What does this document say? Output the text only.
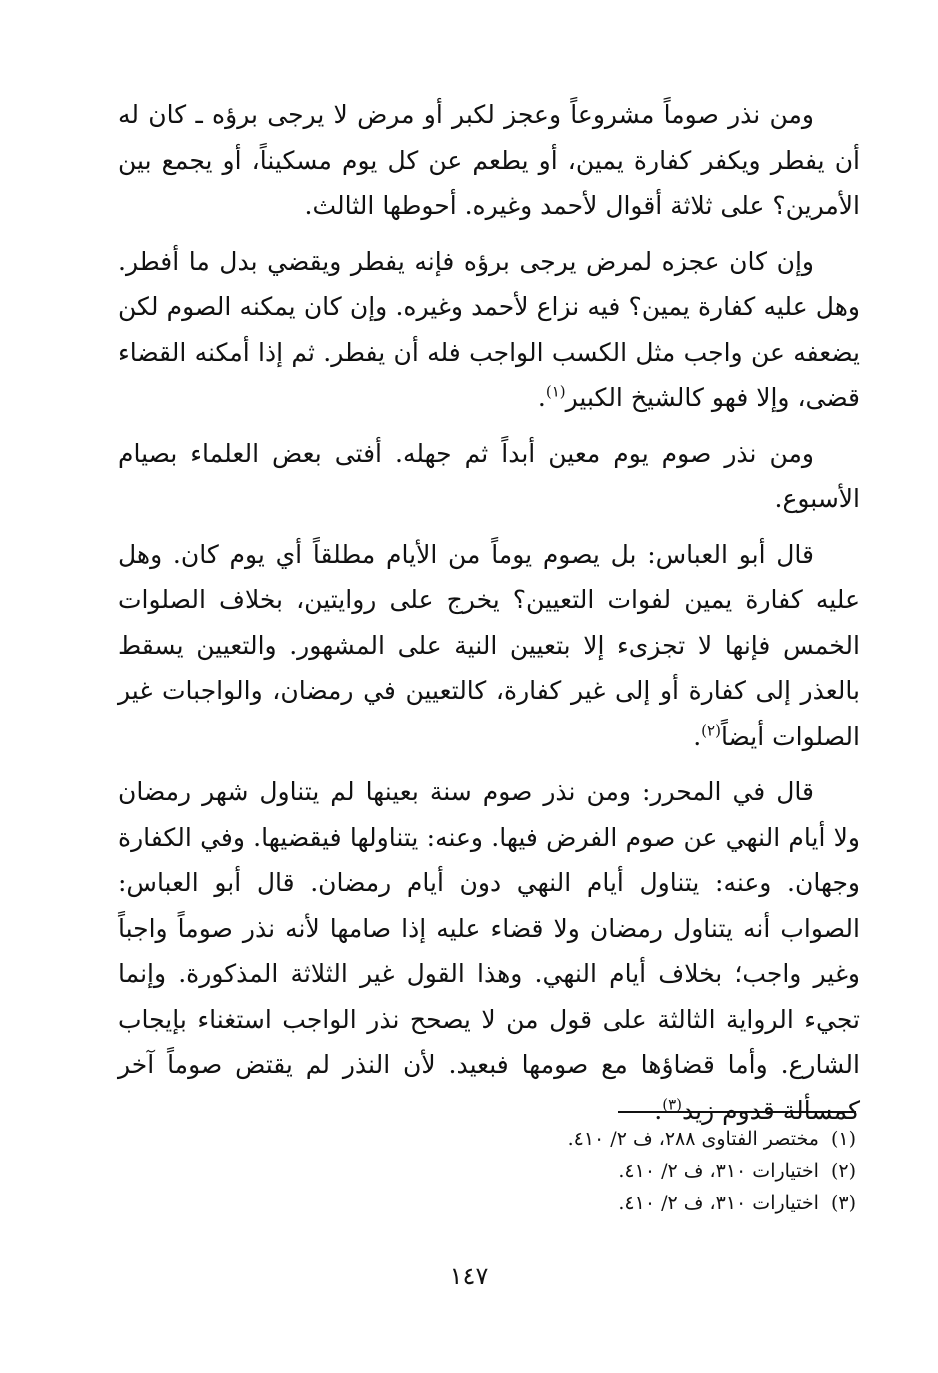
ومن نذر صوماً مشروعاً وعجز لكبر أو مرض لا يرجى برؤه ـ كان له أن يفطر ويكفر كفارة يمين، أو يطعم عن كل يوم مسكيناً، أو يجمع بين الأمرين؟ على ثلاثة أقوال لأحمد وغيره. أحوطها الثالث.

وإن كان عجزه لمرض يرجى برؤه فإنه يفطر ويقضي بدل ما أفطر. وهل عليه كفارة يمين؟ فيه نزاع لأحمد وغيره. وإن كان يمكنه الصوم لكن يضعفه عن واجب مثل الكسب الواجب فله أن يفطر. ثم إذا أمكنه القضاء قضى، وإلا فهو كالشيخ الكبير$^{(١)}$.

ومن نذر صوم يوم معين أبداً ثم جهله. أفتى بعض العلماء بصيام الأسبوع.

قال أبو العباس: بل يصوم يوماً من الأيام مطلقاً أي يوم كان. وهل عليه كفارة يمين لفوات التعيين؟ يخرج على روايتين، بخلاف الصلوات الخمس فإنها لا تجزىء إلا بتعيين النية على المشهور. والتعيين يسقط بالعذر إلى كفارة أو إلى غير كفارة، كالتعيين في رمضان، والواجبات غير الصلوات أيضاً$^{(٢)}$.

قال في المحرر: ومن نذر صوم سنة بعينها لم يتناول شهر رمضان ولا أيام النهي عن صوم الفرض فيها. وعنه: يتناولها فيقضيها. وفي الكفارة وجهان. وعنه: يتناول أيام النهي دون أيام رمضان. قال أبو العباس: الصواب أنه يتناول رمضان ولا قضاء عليه إذا صامها لأنه نذر صوماً واجباً وغير واجب؛ بخلاف أيام النهي. وهذا القول غير الثلاثة المذكورة. وإنما تجيء الرواية الثالثة على قول من لا يصحح نذر الواجب استغناء بإيجاب الشارع. وأما قضاؤها مع صومها فبعيد. لأن النذر لم يقتض صوماً آخر كمسألة قدوم زيد$^{(٣)}$.

(١)مختصر الفتاوى ٢٨٨، ف ٢/ ٤١٠.
(٢)اختيارات ٣١٠، ف ٢/ ٤١٠.
(٣)اختيارات ٣١٠، ف ٢/ ٤١٠.
١٤٧
